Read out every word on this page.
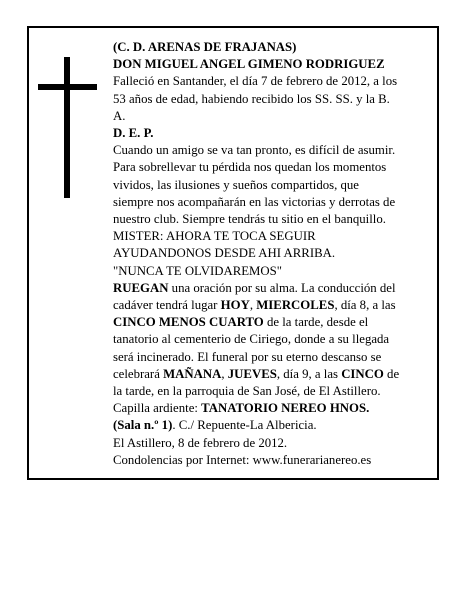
(C. D. ARENAS DE FRAJANAS)
DON MIGUEL ANGEL GIMENO RODRIGUEZ
Falleció en Santander, el día 7 de febrero de 2012, a los
53 años de edad, habiendo recibido los SS. SS. y la B.
A.
D. E. P.
Cuando un amigo se va tan pronto, es difícil de asumir.
Para sobrellevar tu pérdida nos quedan los momentos
vividos, las ilusiones y sueños compartidos, que
siempre nos acompañarán en las victorias y derrotas de
nuestro club. Siempre tendrás tu sitio en el banquillo.
MISTER: AHORA TE TOCA SEGUIR
AYUDANDONOS DESDE AHI ARRIBA.
"NUNCA TE OLVIDAREMOS"
RUEGAN una oración por su alma. La conducción del
cadáver tendrá lugar HOY, MIERCOLES, día 8, a las
CINCO MENOS CUARTO de la tarde, desde el
tanatorio al cementerio de Ciriego, donde a su llegada
será incinerado. El funeral por su eterno descanso se
celebrará MAÑANA, JUEVES, día 9, a las CINCO de
la tarde, en la parroquia de San José, de El Astillero.
Capilla ardiente: TANATORIO NEREO HNOS.
(Sala n.º 1). C./ Repuente-La Albericia.
El Astillero, 8 de febrero de 2012.
Condolencias por Internet: www.funerarianereo.es
